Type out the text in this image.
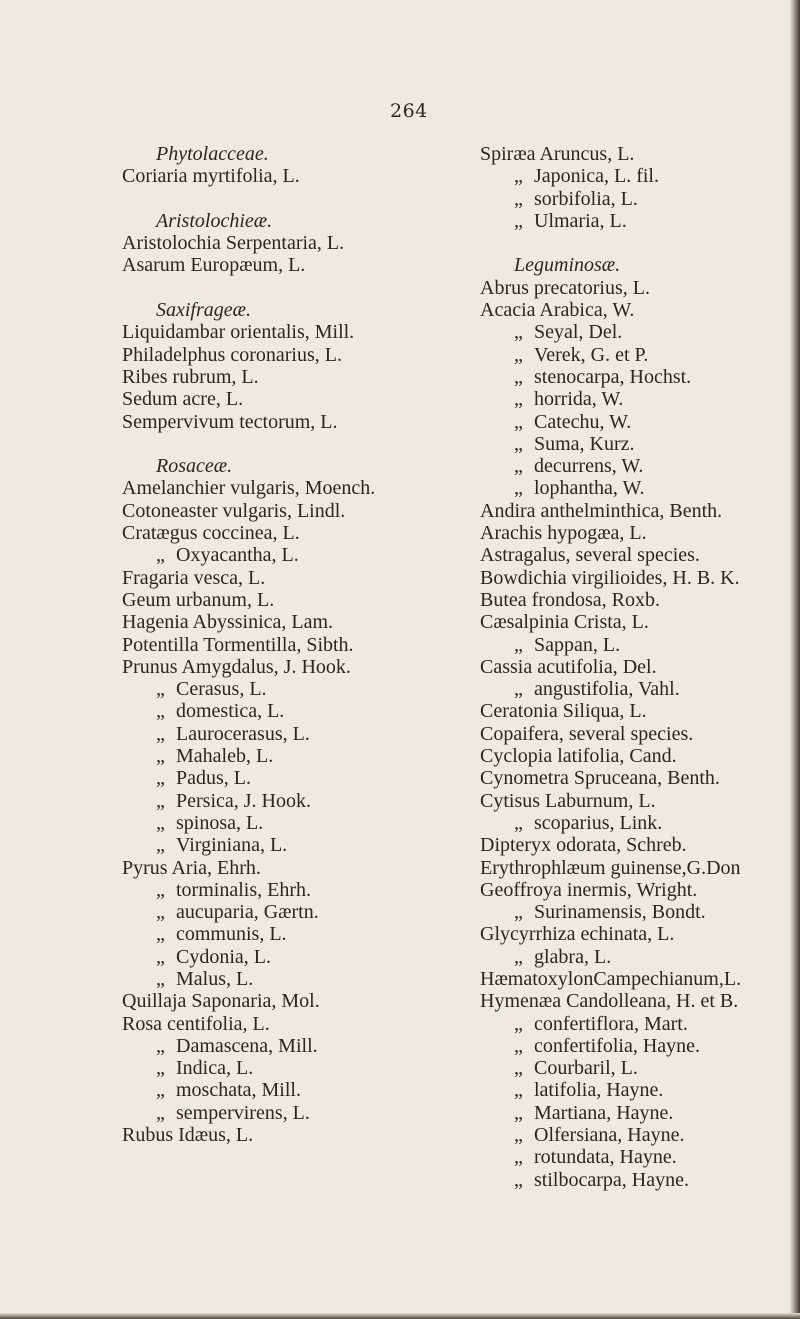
264
Phytolacceae.
Coriaria myrtifolia, L.
Aristolochieæ.
Aristolochia Serpentaria, L.
Asarum Europæum, L.
Saxifrageæ.
Liquidambar orientalis, Mill.
Philadelphus coronarius, L.
Ribes rubrum, L.
Sedum acre, L.
Sempervivum tectorum, L.
Rosaceæ.
Amelanchier vulgaris, Moench.
Cotoneaster vulgaris, Lindl.
Cratægus coccinea, L.
„ Oxyacantha, L.
Fragaria vesca, L.
Geum urbanum, L.
Hagenia Abyssinica, Lam.
Potentilla Tormentilla, Sibth.
Prunus Amygdalus, J. Hook.
„ Cerasus, L.
„ domestica, L.
„ Laurocerasus, L.
„ Mahaleb, L.
„ Padus, L.
„ Persica, J. Hook.
„ spinosa, L.
„ Virginiana, L.
Pyrus Aria, Ehrh.
„ torminalis, Ehrh.
„ aucuparia, Gærtn.
„ communis, L.
„ Cydonia, L.
„ Malus, L.
Quillaja Saponaria, Mol.
Rosa centifolia, L.
„ Damascena, Mill.
„ Indica, L.
„ moschata, Mill.
„ sempervirens, L.
Rubus Idæus, L.
Spiræa Aruncus, L.
„ Japonica, L. fil.
„ sorbifolia, L.
„ Ulmaria, L.
Leguminosæ.
Abrus precatorius, L.
Acacia Arabica, W.
„ Seyal, Del.
„ Verek, G. et P.
„ stenocarpa, Hochst.
„ horrida, W.
„ Catechu, W.
„ Suma, Kurz.
„ decurrens, W.
„ lophantha, W.
Andira anthelminthica, Benth.
Arachis hypogæa, L.
Astragalus, several species.
Bowdichia virgilioides, H. B. K.
Butea frondosa, Roxb.
Cæsalpinia Crista, L.
„ Sappan, L.
Cassia acutifolia, Del.
„ angustifolia, Vahl.
Ceratonia Siliqua, L.
Copaifera, several species.
Cyclopia latifolia, Cand.
Cynometra Spruceana, Benth.
Cytisus Laburnum, L.
„ scoparius, Link.
Dipteryx odorata, Schreb.
Erythrophlæum guinense,G.Don
Geoffroya inermis, Wright.
„ Surinamensis, Bondt.
Glycyrrhiza echinata, L.
„ glabra, L.
HæmatoxylonCampechianum,L.
Hymenæa Candolleana, H. et B.
„ confertiflora, Mart.
„ confertifolia, Hayne.
„ Courbaril, L.
„ latifolia, Hayne.
„ Martiana, Hayne.
„ Olfersiana, Hayne.
„ rotundata, Hayne.
„ stilbocarpa, Hayne.
